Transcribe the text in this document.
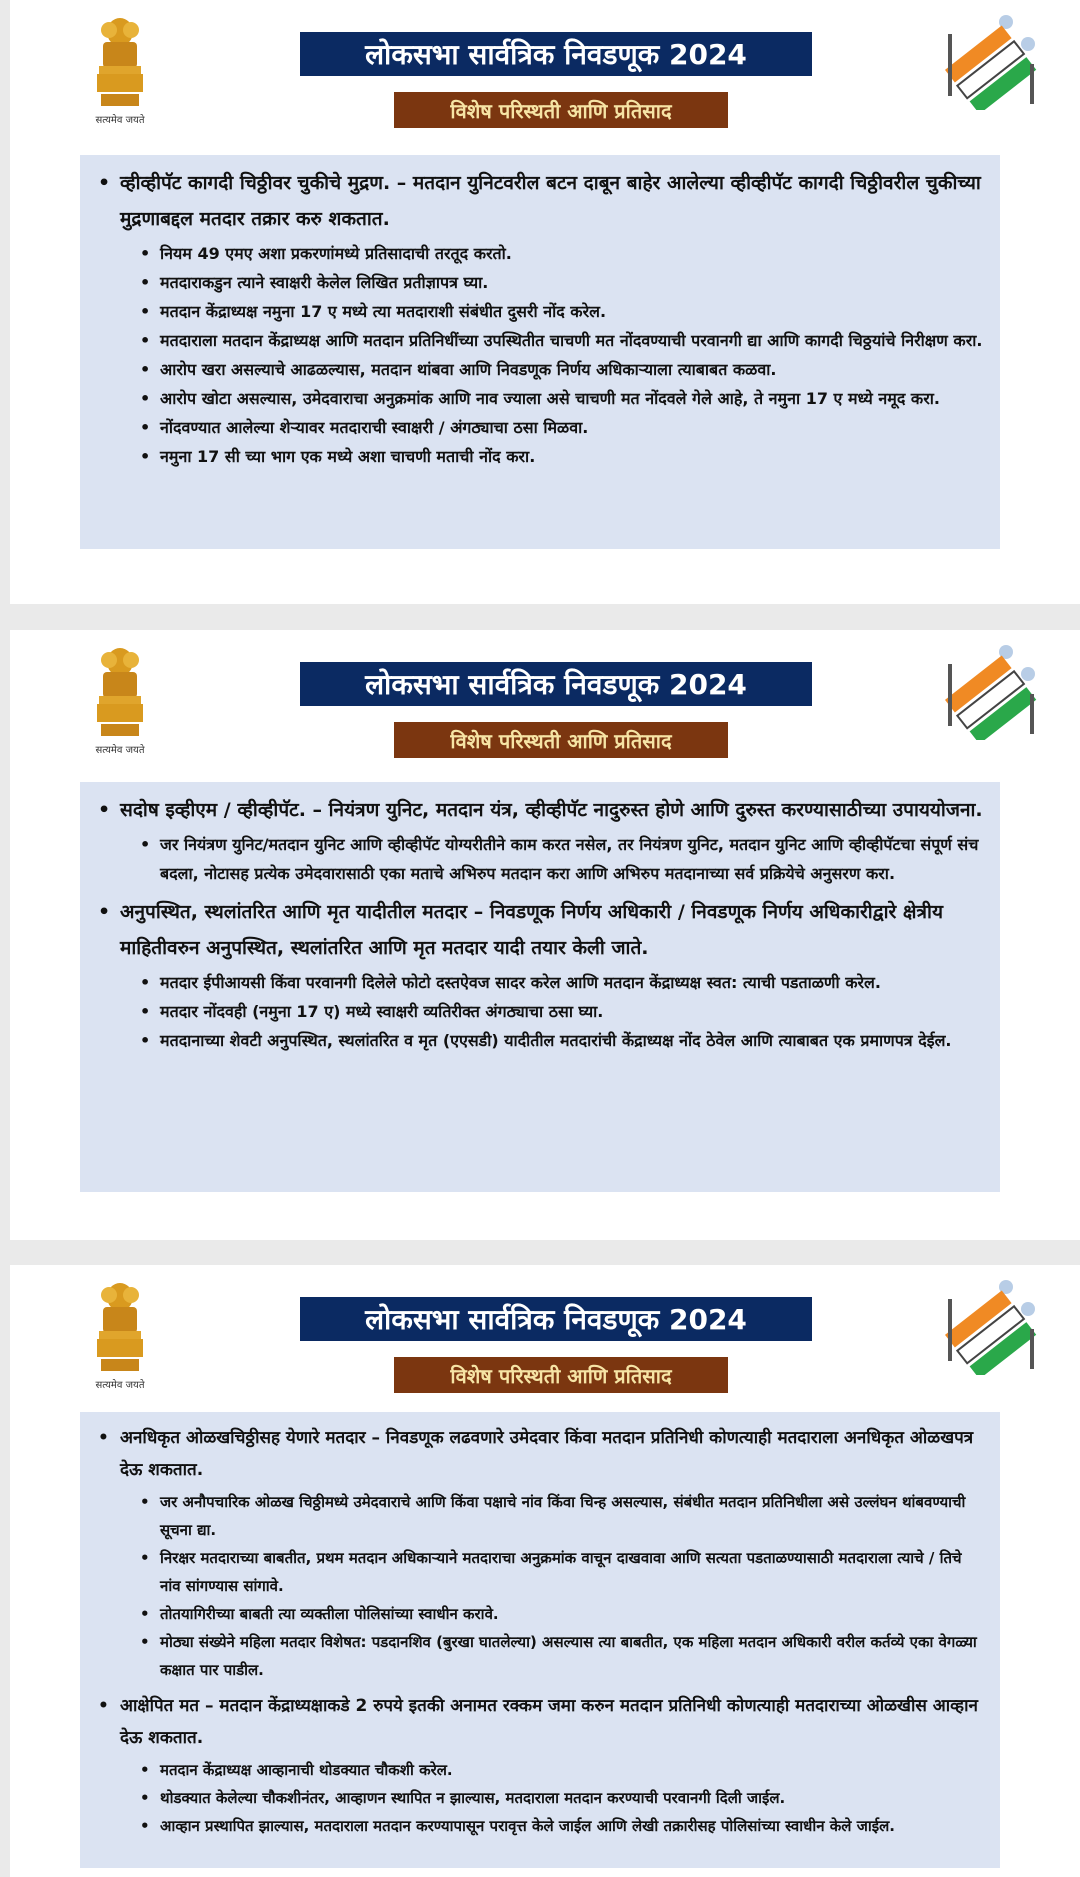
सत्यमेव जयते
लोकसभा सार्वत्रिक निवडणूक 2024
विशेष परिस्थती आणि प्रतिसाद
• व्हीव्हीपॅट कागदी चिठ्ठीवर चुकीचे मुद्रण. – मतदान युनिटवरील बटन दाबून बाहेर आलेल्या व्हीव्हीपॅट कागदी चिठ्ठीवरील चुकीच्या मुद्रणाबद्दल मतदार तक्रार करु शकतात.
• नियम 49 एमए अशा प्रकरणांमध्ये प्रतिसादाची तरतूद करतो.
• मतदाराकडुन त्याने स्वाक्षरी केलेल लिखित प्रतीज्ञापत्र घ्या.
• मतदान केंद्राध्यक्ष नमुना 17 ए मध्ये त्या मतदाराशी संबंधीत दुसरी नोंद करेल.
• मतदाराला मतदान केंद्राध्यक्ष आणि मतदान प्रतिनिधींच्या उपस्थितीत चाचणी मत नोंदवण्याची परवानगी द्या आणि कागदी चिठ्ठयांचे निरीक्षण करा.
• आरोप खरा असल्याचे आढळल्यास, मतदान थांबवा आणि निवडणूक निर्णय अधिकाऱ्याला त्याबाबत कळवा.
• आरोप खोटा असल्यास, उमेदवाराचा अनुक्रमांक आणि नाव ज्याला असे चाचणी मत नोंदवले गेले आहे, ते नमुना 17 ए मध्ये नमूद करा.
• नोंदवण्यात आलेल्या शेऱ्यावर मतदाराची स्वाक्षरी / अंगठ्याचा ठसा मिळवा.
• नमुना 17 सी च्या भाग एक मध्ये अशा चाचणी मताची नोंद करा.
सत्यमेव जयते
लोकसभा सार्वत्रिक निवडणूक 2024
विशेष परिस्थती आणि प्रतिसाद
• सदोष इव्हीएम / व्हीव्हीपॅट. – नियंत्रण युनिट, मतदान यंत्र, व्हीव्हीपॅट नादुरुस्त होणे आणि दुरुस्त करण्यासाठीच्या उपाययोजना.
• जर नियंत्रण युनिट/मतदान युनिट आणि व्हीव्हीपॅट योग्यरीतीने काम करत नसेल, तर नियंत्रण युनिट, मतदान युनिट आणि व्हीव्हीपॅटचा संपूर्ण संच बदला, नोटासह प्रत्येक उमेदवारासाठी एका मताचे अभिरुप मतदान करा आणि अभिरुप मतदानाच्या सर्व प्रक्रियेचे अनुसरण करा.
• अनुपस्थित, स्थलांतरित आणि मृत यादीतील मतदार – निवडणूक निर्णय अधिकारी / निवडणूक निर्णय अधिकारीद्वारे क्षेत्रीय माहितीवरुन अनुपस्थित, स्थलांतरित आणि मृत मतदार यादी तयार केली जाते.
• मतदार ईपीआयसी किंवा परवानगी दिलेले फोटो दस्तऐवज सादर करेल आणि मतदान केंद्राध्यक्ष स्वत: त्याची पडताळणी करेल.
• मतदार नोंदवही (नमुना 17 ए) मध्ये स्वाक्षरी व्यतिरीक्त अंगठ्याचा ठसा घ्या.
• मतदानाच्या शेवटी अनुपस्थित, स्थलांतरित व मृत (एएसडी) यादीतील मतदारांची केंद्राध्यक्ष नोंद ठेवेल आणि त्याबाबत एक प्रमाणपत्र देईल.
सत्यमेव जयते
लोकसभा सार्वत्रिक निवडणूक 2024
विशेष परिस्थती आणि प्रतिसाद
• अनधिकृत ओळखचिठ्ठीसह येणारे मतदार – निवडणूक लढवणारे उमेदवार किंवा मतदान प्रतिनिधी कोणत्याही मतदाराला अनधिकृत ओळखपत्र देऊ शकतात.
• जर अनौपचारिक ओळख चिठ्ठीमध्ये उमेदवाराचे आणि किंवा पक्षाचे नांव किंवा चिन्ह असल्यास, संबंधीत मतदान प्रतिनिधीला असे उल्लंघन थांबवण्याची सूचना द्या.
• निरक्षर मतदाराच्या बाबतीत, प्रथम मतदान अधिकाऱ्याने मतदाराचा अनुक्रमांक वाचून दाखवावा आणि सत्यता पडताळण्यासाठी मतदाराला त्याचे / तिचे नांव सांगण्यास सांगावे.
• तोतयागिरीच्या बाबती त्या व्यक्तीला पोलिसांच्या स्वाधीन करावे.
• मोठ्या संख्येने महिला मतदार विशेषत: पडदानशिव (बुरखा घातलेल्या) असल्यास त्या बाबतीत, एक महिला मतदान अधिकारी वरील कर्तव्ये एका वेगळ्या कक्षात पार पाडील.
• आक्षेपित मत – मतदान केंद्राध्यक्षाकडे 2 रुपये इतकी अनामत रक्कम जमा करुन मतदान प्रतिनिधी कोणत्याही मतदाराच्या ओळखीस आव्हान देऊ शकतात.
• मतदान केंद्राध्यक्ष आव्हानाची थोडक्यात चौकशी करेल.
• थोडक्यात केलेल्या चौकशीनंतर, आव्हाणन स्थापित न झाल्यास, मतदाराला मतदान करण्याची परवानगी दिली जाईल.
• आव्हान प्रस्थापित झाल्यास, मतदाराला मतदान करण्यापासून परावृत्त केले जाईल आणि लेखी तक्रारीसह पोलिसांच्या स्वाधीन केले जाईल.
